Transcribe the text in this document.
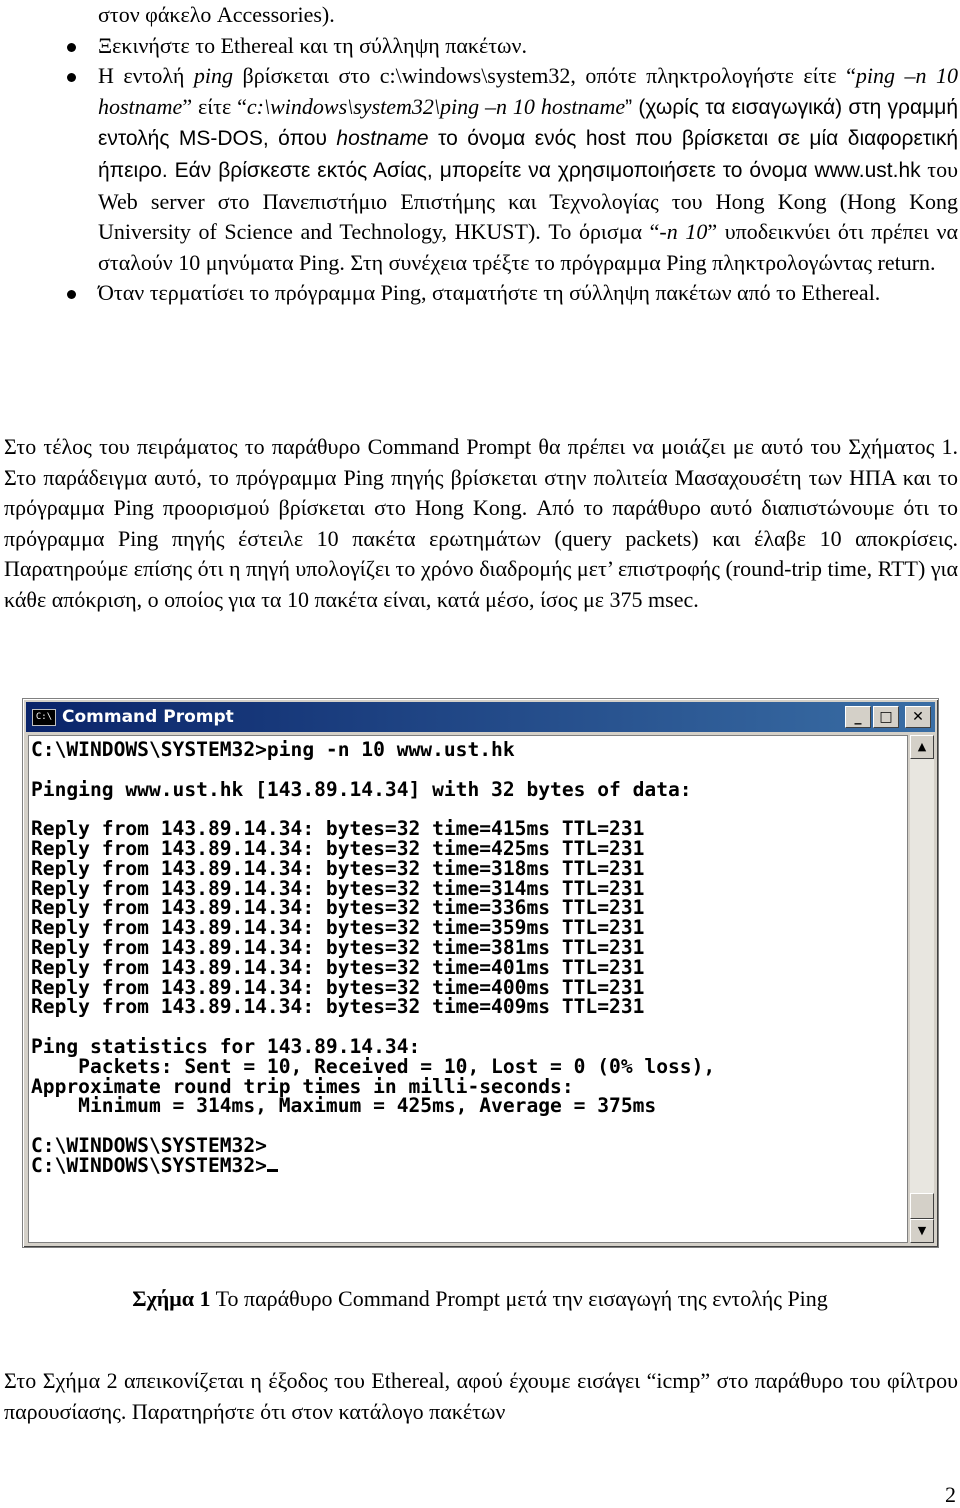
στον φάκελο Accessories).
Ξεκινήστε το Ethereal και τη σύλληψη πακέτων.
Η εντολή ping βρίσκεται στο c:\windows\system32, οπότε πληκτρολογήστε είτε “ping –n 10 hostname” είτε “c:\windows\system32\ping –n 10 hostname” (χωρίς τα εισαγωγικά) στη γραμμή εντολής MS-DOS, όπου hostname το όνομα ενός host που βρίσκεται σε μία διαφορετική ήπειρο. Εάν βρίσκεστε εκτός Ασίας, μπορείτε να χρησιμοποιήσετε το όνομα www.ust.hk του Web server στο Πανεπιστήμιο Επιστήμης και Τεχνολογίας του Hong Kong (Hong Kong University of Science and Technology, HKUST). Το όρισμα “-n 10” υποδεικνύει ότι πρέπει να σταλούν 10 μηνύματα Ping. Στη συνέχεια τρέξτε το πρόγραμμα Ping πληκτρολογώντας return.
Όταν τερματίσει το πρόγραμμα Ping, σταματήστε τη σύλληψη πακέτων από το Ethereal.

Στο τέλος του πειράματος το παράθυρο Command Prompt θα πρέπει να μοιάζει με αυτό του Σχήματος 1. Στο παράδειγμα αυτό, το πρόγραμμα Ping πηγής βρίσκεται στην πολιτεία Μασαχουσέτη των ΗΠΑ και το πρόγραμμα Ping προορισμού βρίσκεται στο Hong Kong. Από το παράθυρο αυτό διαπιστώνουμε ότι το πρόγραμμα Ping πηγής έστειλε 10 πακέτα ερωτημάτων (query packets) και έλαβε 10 αποκρίσεις. Παρατηρούμε επίσης ότι η πηγή υπολογίζει το χρόνο διαδρομής μετ’ επιστροφής (round-trip time, RTT) για κάθε απόκριση, ο οποίος για τα 10 πακέτα είναι, κατά μέσο, ίσος με 375 msec.

C:\ Command Prompt	_	□	✕
C:\WINDOWS\SYSTEM32>ping -n 10 www.ust.hk

Pinging www.ust.hk [143.89.14.34] with 32 bytes of data:

Reply from 143.89.14.34: bytes=32 time=415ms TTL=231
Reply from 143.89.14.34: bytes=32 time=425ms TTL=231
Reply from 143.89.14.34: bytes=32 time=318ms TTL=231
Reply from 143.89.14.34: bytes=32 time=314ms TTL=231
Reply from 143.89.14.34: bytes=32 time=336ms TTL=231
Reply from 143.89.14.34: bytes=32 time=359ms TTL=231
Reply from 143.89.14.34: bytes=32 time=381ms TTL=231
Reply from 143.89.14.34: bytes=32 time=401ms TTL=231
Reply from 143.89.14.34: bytes=32 time=400ms TTL=231
Reply from 143.89.14.34: bytes=32 time=409ms TTL=231

Ping statistics for 143.89.14.34:
Packets: Sent = 10, Received = 10, Lost = 0 (0% loss),
Approximate round trip times in milli-seconds:
Minimum = 314ms, Maximum = 425ms, Average = 375ms

C:\WINDOWS\SYSTEM32>
C:\WINDOWS\SYSTEM32>
▲
▼

Σχήμα 1 Το παράθυρο Command Prompt μετά την εισαγωγή της εντολής Ping

Στο Σχήμα 2 απεικονίζεται η έξοδος του Ethereal, αφού έχουμε εισάγει “icmp” στο παράθυρο του φίλτρου παρουσίασης. Παρατηρήστε ότι στον κατάλογο πακέτων

2
